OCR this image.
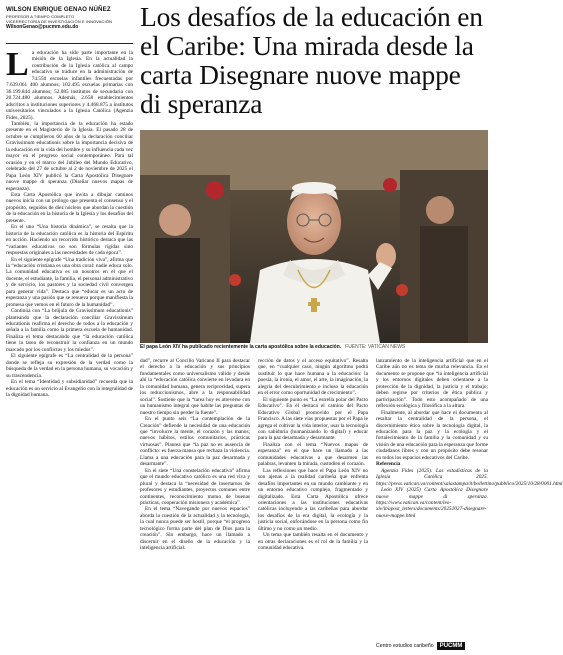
WILSON ENRIQUE GENAO NÚÑEZ
PROFESOR A TIEMPO COMPLETO
VICERRECTORÍA DE INVESTIGACIÓN E INNOVACIÓN
WilsonGenao@pucmm.edu.do	Los desafíos de la educación en el Caribe: Una mirada desde la carta Disegnare nuove mappe di speranza
El papa León XIV ha publicado recientemente la carta apostólica sobre la educación. FUENTE: VATICAN NEWS
L a educación ha sido parte importante en la misión de la Iglesia. En la actualidad la contribución de la Iglesia católica al campo educativo se traduce en la administración de 74.550 escuelas infantiles frecuentadas por 7.639.061 400 alumnos; 102.495 escuelas primarias con 36.199.844 alumnos; 52.085 institutos de secundaria con 20.724.480 alumnos. Además, 2.658 establecimientos adscritos a instituciones superiores y 4.468.875 a institutos universitarios vinculados a la Iglesia Católica (Agenzia Fides, 2025).

También, la importancia de la educación ha estado presente en el Magisterio de la Iglesia. El pasado 28 de octubre se cumplieron 60 años de la declaración conciliar Gravissimum educationis sobre la importancia decisiva de la educación en la vida del hombre y su influencia cada vez mayor en el progreso social contemporáneo. Para tal ocasión y en el marco del Jubileo del Mundo Educativo, celebrado del 27 de octubre al 2 de noviembre de 2025 el Papa León XIV publicó la Carta Apostólica Disegnare nuove mappe di speranza (Diseñar nuevos mapas de esperanza).

Esta Carta Apostólica que invita a dibujar caminos nuevos inicia con un prólogo que presenta el consenso y el propósito, seguidos de diez núcleos que abordan la cuestión de la educación en la historia de la Iglesia y los desafíos del presente.

En el uno “Una historia dinámica”, se resalta que la historia de la educación católica es la historia del Espíritu en acción. Haciendo un recorrido histórico destaca que las “variantes educativas no son fórmulas rígidas sino respuestas originales a las necesidades de cada época”.

En el siguiente epígrafe “Una tradición viva”, afirma que la “educación cristiana es una obra coral: nadie educa solo. La comunidad educativa es un nosotros en el que el docente, el estudiante, la familia, el personal administrativo y de servicio, los pastores y la sociedad civil convergen para generar vida”. Destaca que “educar es un acto de esperanza y una pasión que se renueva porque manifiesta la promesa que vemos en el futuro de la humanidad”.

Continúa con “La brújula de Gravissimum educationis” planteando que la declaración conciliar Gravissimum educationis reafirma el derecho de todos a la educación y señala a la familia como la primera escuela de humanidad. Finaliza el tema destacando que “la educación católica tiene la tarea de reconstruir la confianza en un mundo marcado por los conflictos y los miedos”.

El siguiente epígrafe es “La centralidad de la persona” donde se refleja su expresión de la verdad como la búsqueda de la verdad en la persona humana, su vocación y su trascendencia.

En el tema “Identidad y subsidiaridad” recuerda que la educación es un servicio al Evangelio con la integralidad de la dignidad humana.

dad”, recurre al Concilio Vaticano II para destacar el derecho a la educación y sus principios fundamentales como universalismo válido y desde ahí la “educación católica convierte en levadura en la comunidad humana, genera reciprocidad, supera los reduccionismos, abre a la responsabilidad social”. Sostiene que la “tarea hoy es atreverse con un humanismo integral que habite las preguntas de nuestro tiempo sin perder la fuente”.

En el punto seis “La contemplación de la Creación” defiende la necesidad de una educación que “involucre la mente, el corazón y las manos; nuevos hábitos, estilos comunitarios, prácticas virtuosas”. Plantea que “la paz no es ausencia de conflicto: es fuerza mansa que rechaza la violencia. Llama a una educación para la paz desarmada y desarmante”.

En el siete “Una constelación educativa” afirma que el mundo educativo católico es una red viva y plural y destaca la “necesidad de insertarnos de profesores y estudiantes, proyectos comunes entre continentes, reconocimiento mutuo de buenas prácticas, cooperación misionera y académica”.

En el tema “Navegando por nuevos espacios” aborda la cuestión de la actualidad y la tecnología, la cual nunca puede ser hostil, porque “el progreso tecnológico forma parte del plan de Dios para la creación”. Sin embargo, hace un llamado a discernir en el diseño de la educación y la inteligencia artificial.

rección de datos y el acceso equitativo”. Resalta que, en “cualquier caso, ningún algoritmo podrá sustituir lo que hace humana a la educación: la poesía, la ironía, el amor, el arte, la imaginación, la alegría del descubrimiento e incluso la educación en el error como oportunidad de crecimiento”.

El siguiente punto es “La estrella polar del Pacto Educativo”. En él destaca el camino del Pacto Educativo Global promovido por el Papa Francisco. A las siete vías propuestas por el Papa le agrega el cultivar la vida interior, usar la tecnología con sabiduría (humanizando lo digital) y educar para la paz desarmada y desarmante.

Finaliza con el tema “Nuevos mapas de esperanza” en el que hace un llamado a las comunidades educativas a que desarmen las palabras, levanten la mirada, custodien el corazón.

Las reflexiones que hace el Papa León XIV no son ajenas a la realidad caribeña que enfrenta desafíos importantes en un mundo cambiante y en un entorno educativo complejo, fragmentado y digitalizado. Esta Carta Apostólica ofrece orientaciones a las instituciones educativas católicas incluyendo a las caribeñas para abordar los desafíos de la era digital, la ecología y la justicia social, enfocándose en la persona como fin último y no como un medio.

Un tema que también resalta en el documento y en otras declaraciones es el rol de la familia y la comunidad educativa.

lanzamiento de la inteligencia artificial que en el Caribe aún no es tema de mucha relevancia. En el documento se propone que “la inteligencia artificial y los entornos digitales deben orientarse a la protección de la dignidad, la justicia y el trabajo; deben regirse por criterios de ética pública y participación”. Todo esto acompañado de una reflexión ecológica y filosófica a la altura.

Finalmente, al abordar que hace el documento al resaltar la centralidad de la persona, el discernimiento ético sobre la tecnología digital, la educación para la paz y la ecología y el fortalecimiento de la familia y la comunidad y su visión de una educación para la esperanza que forme ciudadanos libres y con un propósito debe resonar en todos los espacios educativos del Caribe.

Referencia

Agenzia Fides (2025). Las estadísticas de la Iglesia Católica 2025. https://press.vatican.va/content/salastampa/it/bollettino/pubblico/2025/10/28/0001.html

León XIV (2025) Carta Apostólica Disegnare nuove mappe di speranza. https://www.vatican.va/content/leo-xiv/it/apost_letters/documents/20251027-disegnare-nuove-mappe.html

Centro estudios caribeño	PUCMM
